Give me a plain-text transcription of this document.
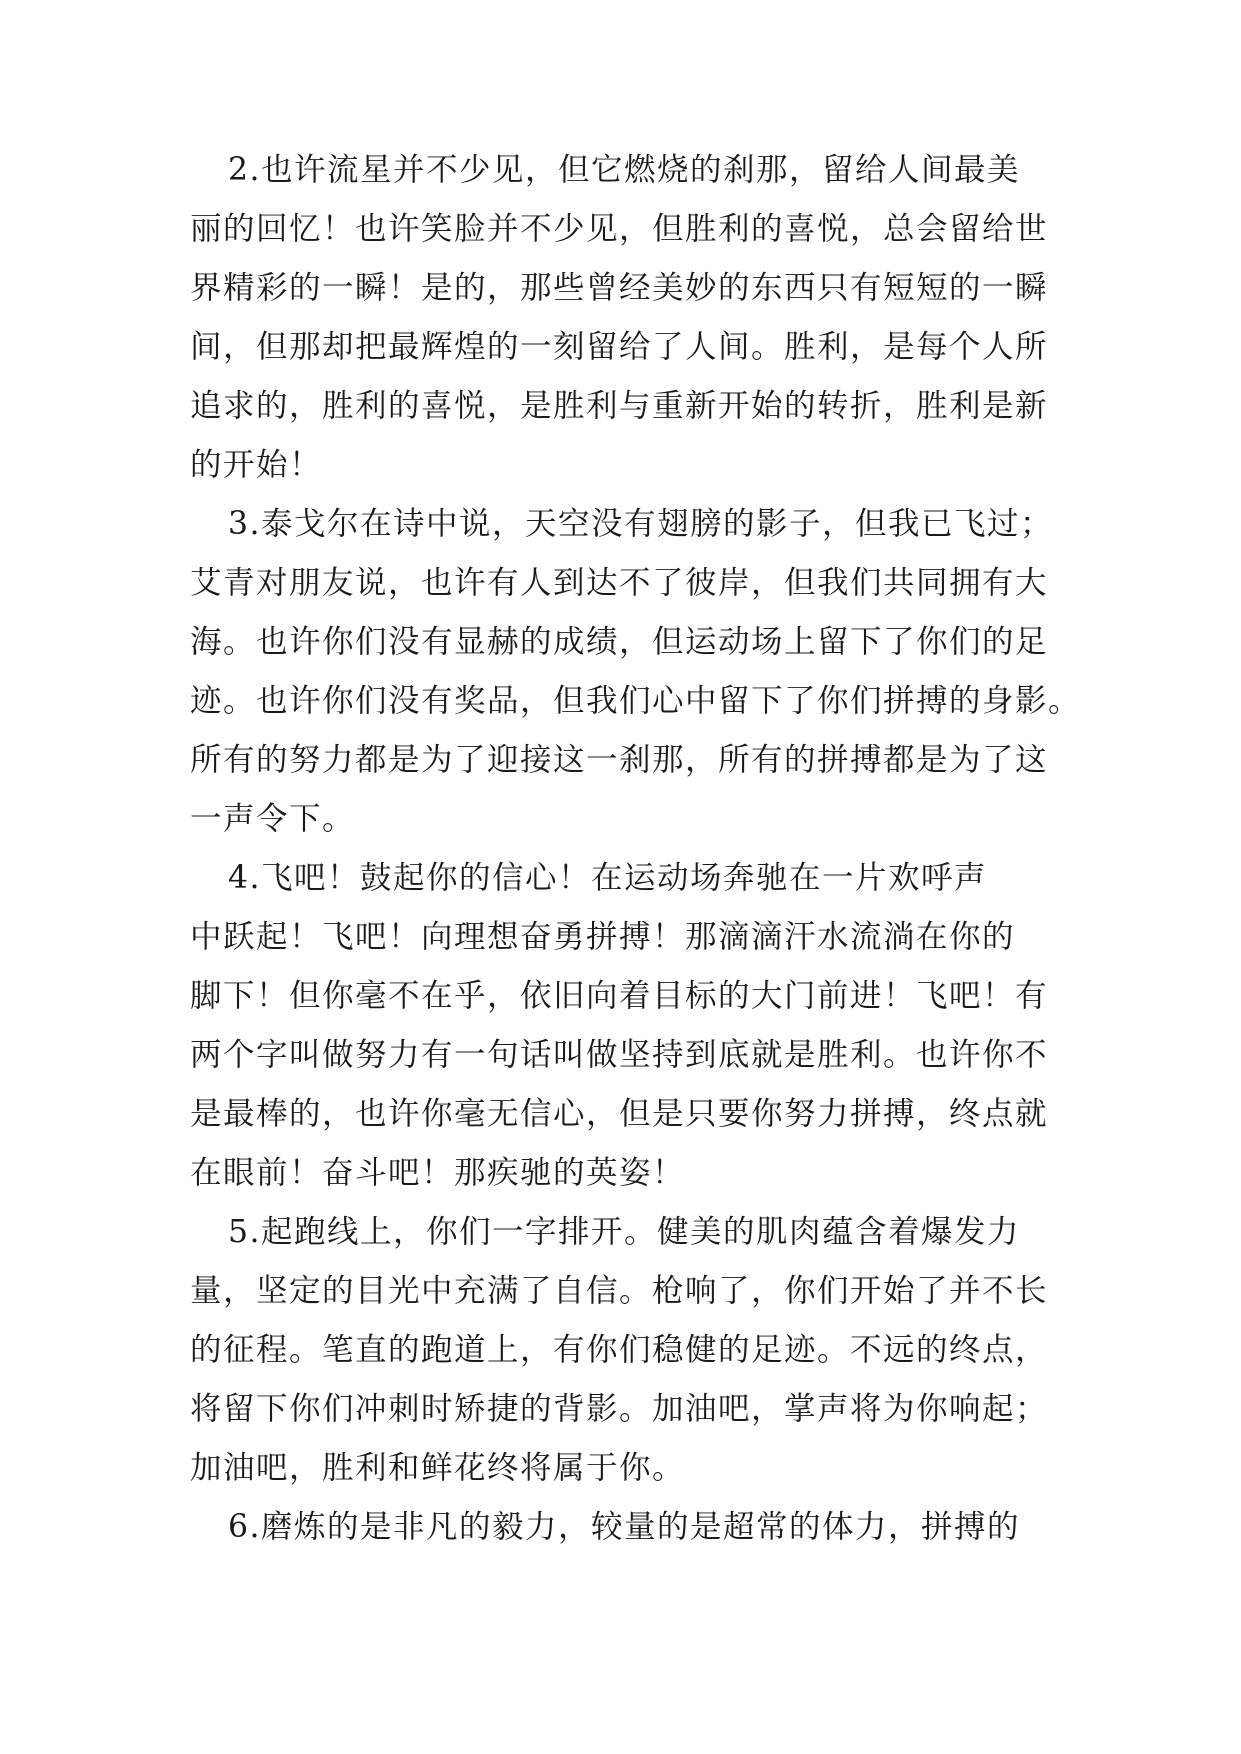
2.也许流星并不少见，但它燃烧的刹那，留给人间最美
丽的回忆！也许笑脸并不少见，但胜利的喜悦，总会留给世
界精彩的一瞬！是的，那些曾经美妙的东西只有短短的一瞬
间，但那却把最辉煌的一刻留给了人间。胜利，是每个人所
追求的，胜利的喜悦，是胜利与重新开始的转折，胜利是新
的开始！
3.泰戈尔在诗中说，天空没有翅膀的影子，但我已飞过；
艾青对朋友说，也许有人到达不了彼岸，但我们共同拥有大
海。也许你们没有显赫的成绩，但运动场上留下了你们的足
迹。也许你们没有奖品，但我们心中留下了你们拼搏的身影。
所有的努力都是为了迎接这一刹那，所有的拼搏都是为了这
一声令下。
4.飞吧！鼓起你的信心！在运动场奔驰在一片欢呼声
中跃起！飞吧！向理想奋勇拼搏！那滴滴汗水流淌在你的
脚下！但你毫不在乎，依旧向着目标的大门前进！飞吧！有
两个字叫做努力有一句话叫做坚持到底就是胜利。也许你不
是最棒的，也许你毫无信心，但是只要你努力拼搏，终点就
在眼前！奋斗吧！那疾驰的英姿！
5.起跑线上，你们一字排开。健美的肌肉蕴含着爆发力
量，坚定的目光中充满了自信。枪响了，你们开始了并不长
的征程。笔直的跑道上，有你们稳健的足迹。不远的终点，
将留下你们冲刺时矫捷的背影。加油吧，掌声将为你响起；
加油吧，胜利和鲜花终将属于你。
6.磨炼的是非凡的毅力，较量的是超常的体力，拼搏的
